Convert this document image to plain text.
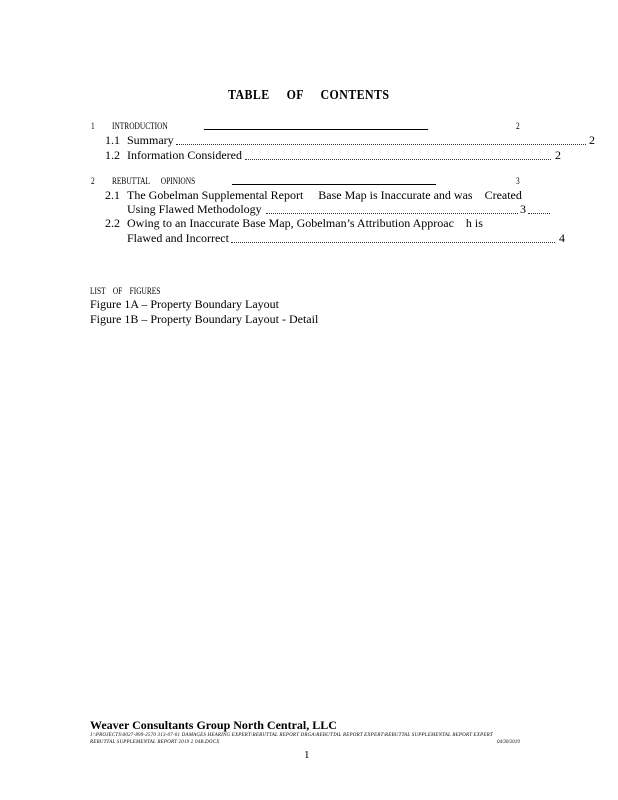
TABLE     OF     CONTENTS
1 INTRODUCTION	2
1.1 Summary	2
1.2 Information Considered	2
2 REBUTTAL      OPINIONS	3
2.1 The Gobelman Supplemental Report     Base Map is Inaccurate and was    Created
Using Flawed Methodology	3
2.2 Owing to an Inaccurate Base Map, Gobelman’s Attribution Approac    h is
Flawed and Incorrect	4
LIST    OF    FIGURES
Figure 1A – Property Boundary Layout
Figure 1B – Property Boundary Layout - Detail
Weaver Consultants Group North Central, LLC
J:\PROJECTS\0027-899-2570 313-07-01 DAMAGES HEARING EXPERT\REBUTTAL REPORT DRGA\REBUTTAL REPORT EXPERT\REBUTTAL SUPPLEMENTAL REPORT EXPERT
REBUTTAL SUPPLEMENTAL REPORT 2019 2 04B.DOCX	04/30/2019
1
